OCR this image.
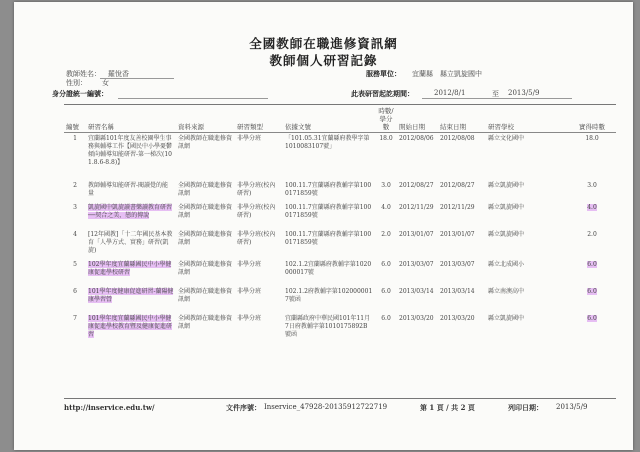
全國教師在職進修資訊網
教師個人研習記錄
教師姓名： 羅悅香
性別： 女
身分證統一編號：
服務單位： 宜蘭縣　縣立凱旋國中
此表研習起訖期間：	2012/8/1	至 2013/5/9
編號	研習名稱	資料來源	研習類型	依據文號	時數/學分數	開始日期	結束日期	研習學校	實得時數
1	宜蘭縣101年度友善校園學生事務與輔導工作【國民中小學憂鬱傾向輔導知能研習-第一梯次(101.8.6-8.8)】	全國教師在職進修資訊網	非學分班	「101.05.31宜蘭縣府教學字第1010083107號」	18.0	2012/08/06	2012/08/08	縣立文化國中	18.0
2	教師輔導知能研習-閱讀覺的能量	全國教師在職進修資訊網	非學分班(校內研習)	100.11.7宜蘭縣府教輔字第1000171859號	3.0	2012/08/27	2012/08/27	縣立凱旋國中	3.0
3	凱旋國中凱旋讀書樂讀教育研習──契合之美，戀的傳說	全國教師在職進修資訊網	非學分班(校內研習)	100.11.7宜蘭縣府教輔字第1000171859號	4.0	2012/11/29	2012/11/29	縣立凱旋國中	4.0
4	[12年國教]「十二年國民基本教育「人學方式、實務」研習(凱旋)	全國教師在職進修資訊網	非學分班(校內研習)	100.11.7宜蘭縣府教輔字第1000171859號	2.0	2013/01/07	2013/01/07	縣立凱旋國中	2.0
5	102學年度宜蘭縣國民中小學健康促進學校研習	全國教師在職進修資訊網	非學分班	102.1.2宜蘭縣府教輔字第1020000017號	6.0	2013/03/07	2013/03/07	縣立北成國小	6.0
6	101學年度健康促進研習-蘭陽健康學習營	全國教師在職進修資訊網	非學分班	102.1.2府教輔字第1020000017號函	6.0	2013/03/14	2013/03/14	縣立南澳高中	6.0
7	101學年度宜蘭縣國民中小學健康促進學校教育暨及健康促進研習	全國教師在職進修資訊網	非學分班	宜蘭縣政府中華民國101年11月7日府教輔字第1010175892B號函	6.0	2013/03/20	2013/03/20	縣立凱旋國中	6.0
http://inservice.edu.tw/	文件序號： Inservice_47928-20135912722719	第 1 頁 / 共 2 頁	列印日期： 2013/5/9
